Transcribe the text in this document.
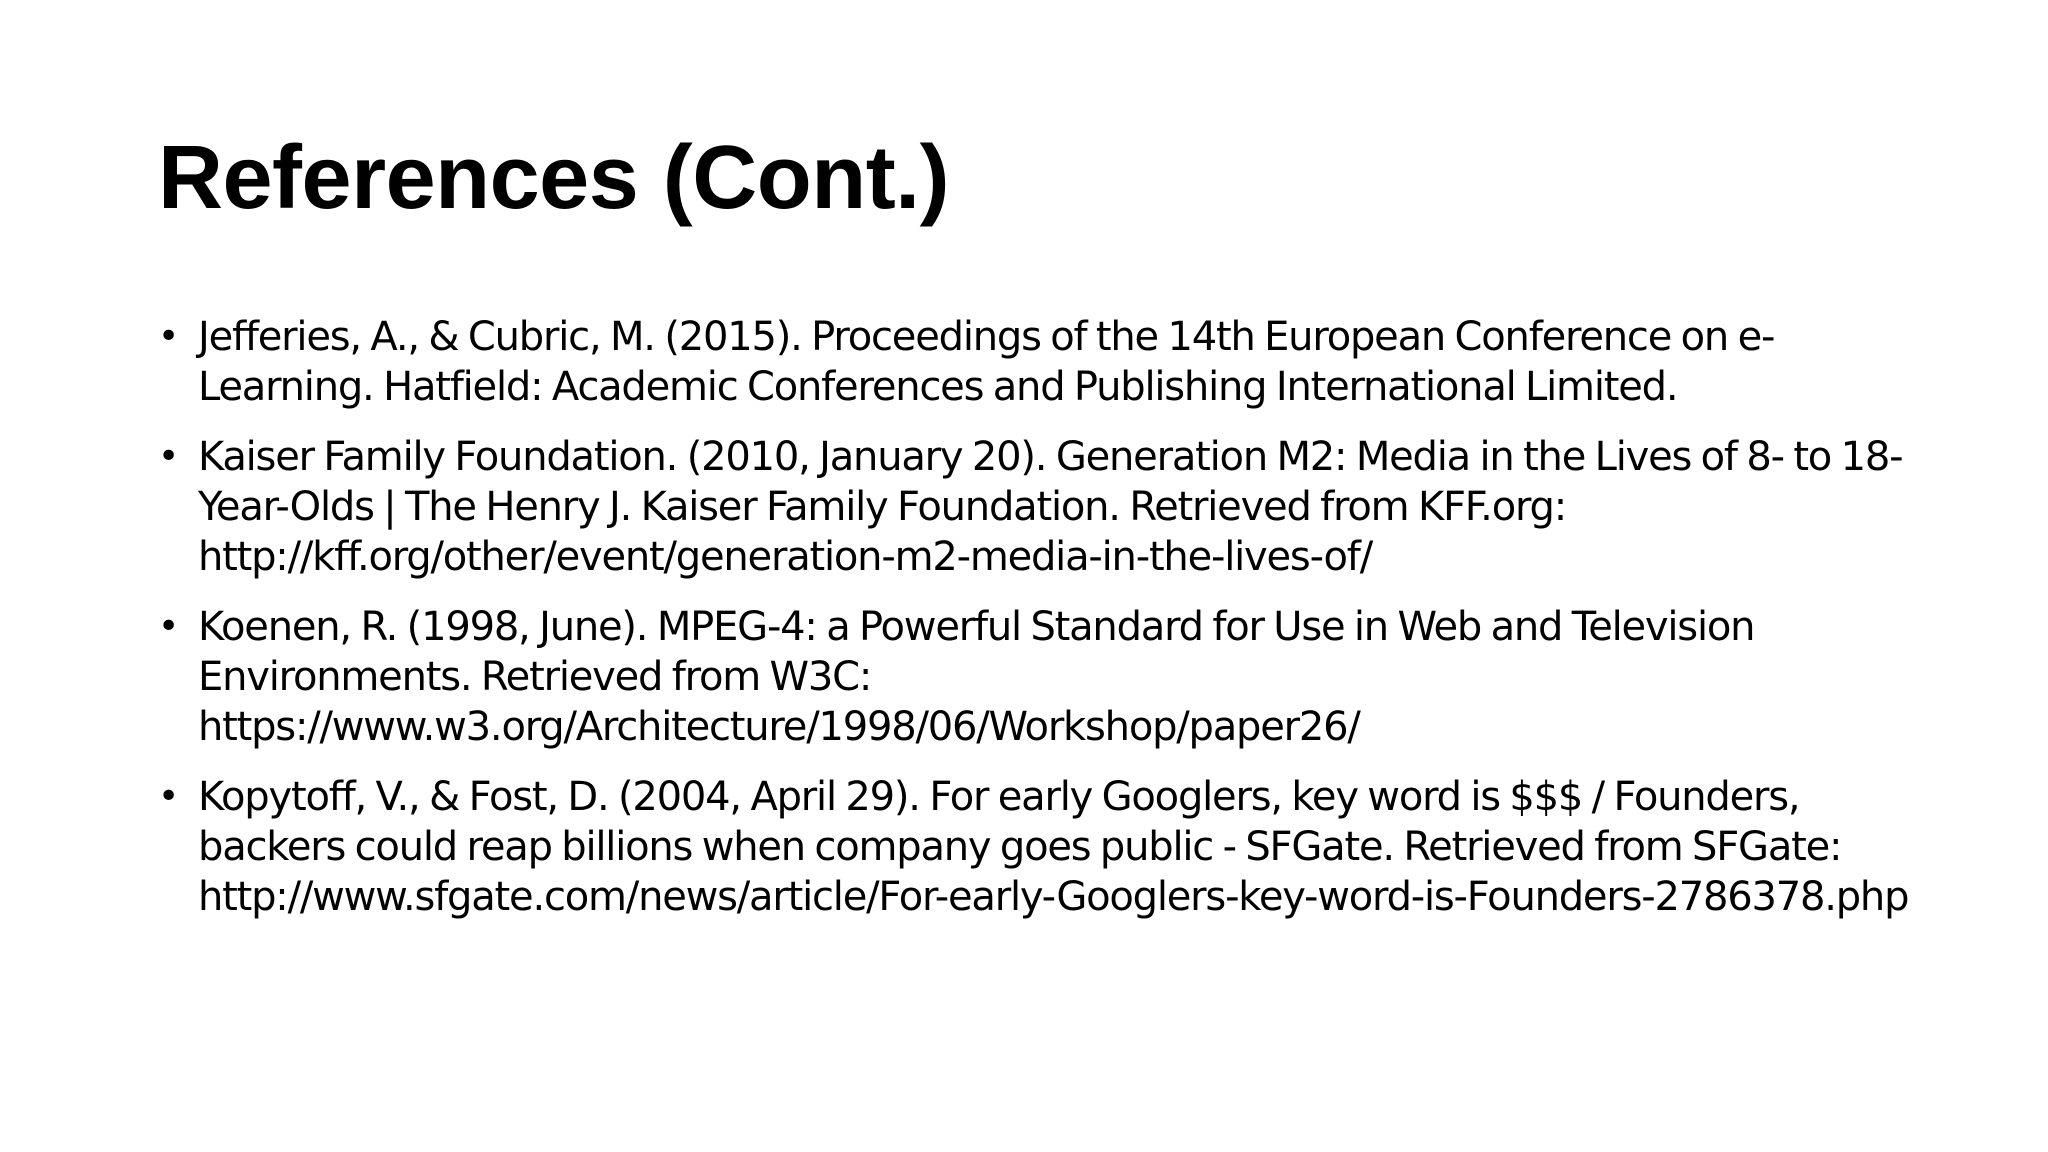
References (Cont.)
• Jefferies, A., & Cubric, M. (2015). Proceedings of the 14th European Conference on e-Learning. Hatfield: Academic Conferences and Publishing International Limited.
• Kaiser Family Foundation. (2010, January 20). Generation M2: Media in the Lives of 8- to 18-Year-Olds | The Henry J. Kaiser Family Foundation. Retrieved from KFF.org: http://kff.org/other/event/generation-m2-media-in-the-lives-of/
• Koenen, R. (1998, June). MPEG-4: a Powerful Standard for Use in Web and Television Environments. Retrieved from W3C: https://www.w3.org/Architecture/1998/06/Workshop/paper26/
• Kopytoff, V., & Fost, D. (2004, April 29). For early Googlers, key word is $$$ / Founders, backers could reap billions when company goes public - SFGate. Retrieved from SFGate: http://www.sfgate.com/news/article/For-early-Googlers-key-word-is-Founders-2786378.php
